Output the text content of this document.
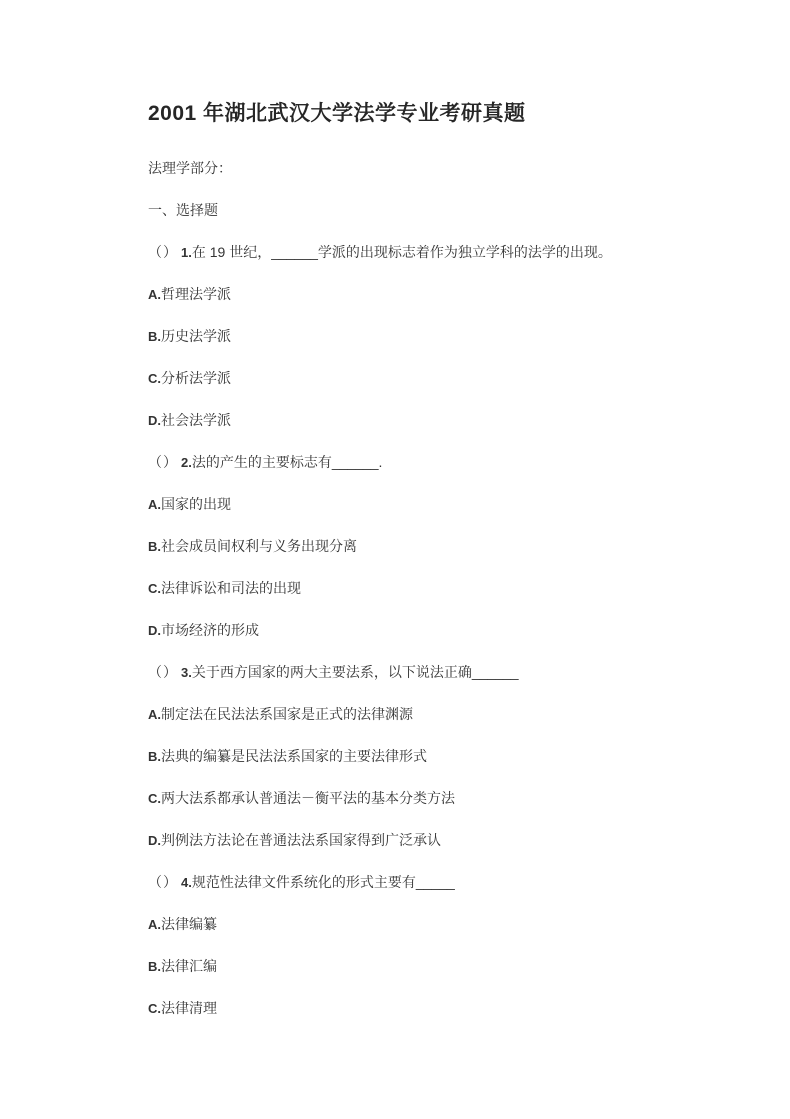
2001 年湖北武汉大学法学专业考研真题

法理学部分：

一、选择题

（） 1.在 19 世纪，______学派的出现标志着作为独立学科的法学的出现。

A.哲理法学派

B.历史法学派

C.分析法学派

D.社会法学派

（） 2.法的产生的主要标志有______.

A.国家的出现

B.社会成员间权利与义务出现分离

C.法律诉讼和司法的出现

D.市场经济的形成

（） 3.关于西方国家的两大主要法系，以下说法正确______

A.制定法在民法法系国家是正式的法律渊源

B.法典的编纂是民法法系国家的主要法律形式

C.两大法系都承认普通法－衡平法的基本分类方法

D.判例法方法论在普通法法系国家得到广泛承认

（） 4.规范性法律文件系统化的形式主要有_____

A.法律编纂

B.法律汇编

C.法律清理
